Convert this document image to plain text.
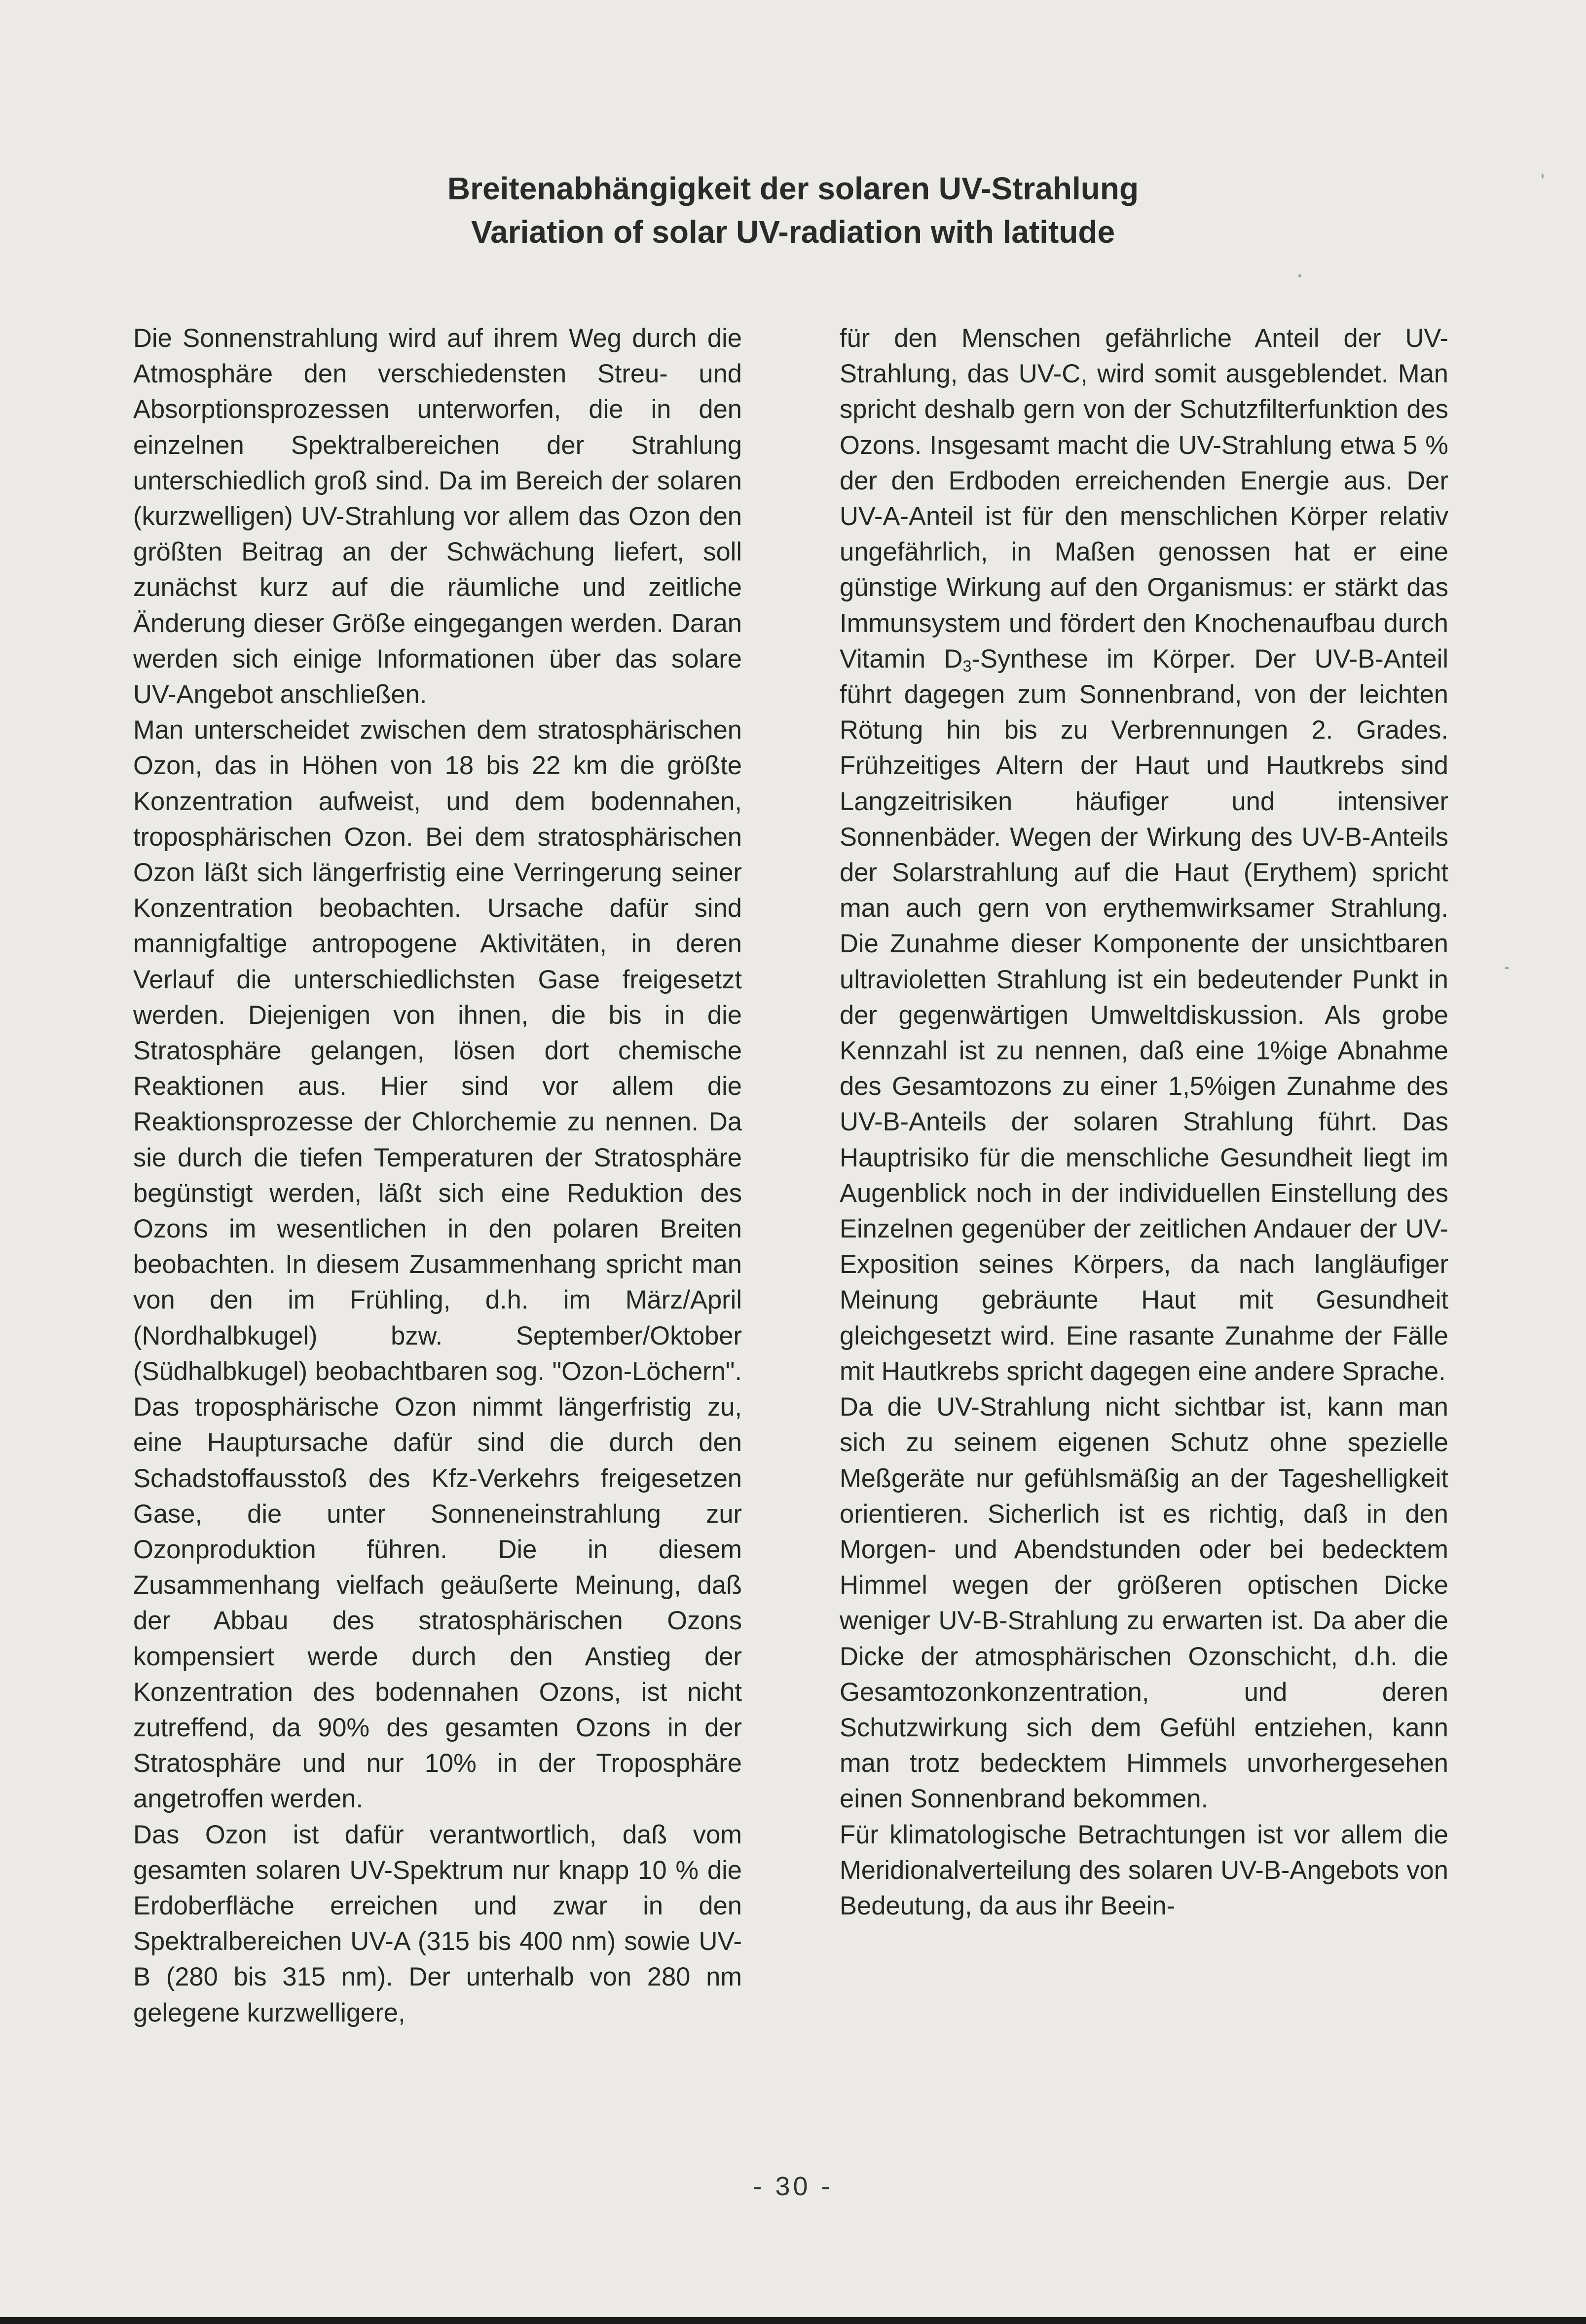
Breitenabhängigkeit der solaren UV-Strahlung
Variation of solar UV-radiation with latitude

Die Sonnenstrahlung wird auf ihrem Weg durch die Atmosphäre den verschiedensten Streu- und Absorptionsprozessen unterworfen, die in den einzelnen Spektralbereichen der Strahlung unterschiedlich groß sind. Da im Bereich der solaren (kurzwelligen) UV-Strahlung vor allem das Ozon den größten Beitrag an der Schwächung liefert, soll zunächst kurz auf die räumliche und zeitliche Änderung dieser Größe eingegangen werden. Daran werden sich einige Informationen über das solare UV-Angebot anschließen.

Man unterscheidet zwischen dem stratosphärischen Ozon, das in Höhen von 18 bis 22 km die größte Konzentration aufweist, und dem bodennahen, troposphärischen Ozon. Bei dem stratosphärischen Ozon läßt sich längerfristig eine Verringerung seiner Konzentration beobachten. Ursache dafür sind mannigfaltige antropogene Aktivitäten, in deren Verlauf die unterschiedlichsten Gase freigesetzt werden. Diejenigen von ihnen, die bis in die Stratosphäre gelangen, lösen dort chemische Reaktionen aus. Hier sind vor allem die Reaktionsprozesse der Chlorchemie zu nennen. Da sie durch die tiefen Temperaturen der Stratosphäre begünstigt werden, läßt sich eine Reduktion des Ozons im wesentlichen in den polaren Breiten beobachten. In diesem Zusammenhang spricht man von den im Frühling, d.h. im März/April (Nordhalbkugel) bzw. September/Oktober (Südhalbkugel) beobachtbaren sog. "Ozon-Löchern". Das troposphärische Ozon nimmt längerfristig zu, eine Hauptursache dafür sind die durch den Schadstoffausstoß des Kfz-Verkehrs freigesetzen Gase, die unter Sonneneinstrahlung zur Ozonproduktion führen. Die in diesem Zusammenhang vielfach geäußerte Meinung, daß der Abbau des stratosphärischen Ozons kompensiert werde durch den Anstieg der Konzentration des bodennahen Ozons, ist nicht zutreffend, da 90% des gesamten Ozons in der Stratosphäre und nur 10% in der Troposphäre angetroffen werden.

Das Ozon ist dafür verantwortlich, daß vom gesamten solaren UV-Spektrum nur knapp 10 % die Erdoberfläche erreichen und zwar in den Spektralbereichen UV-A (315 bis 400 nm) sowie UV-B (280 bis 315 nm). Der unterhalb von 280 nm gelegene kurzwelligere,

für den Menschen gefährliche Anteil der UV-Strahlung, das UV-C, wird somit ausgeblendet. Man spricht deshalb gern von der Schutzfilterfunktion des Ozons. Insgesamt macht die UV-Strahlung etwa 5 % der den Erdboden erreichenden Energie aus. Der UV-A-Anteil ist für den menschlichen Körper relativ ungefährlich, in Maßen genossen hat er eine günstige Wirkung auf den Organismus: er stärkt das Immunsystem und fördert den Knochenaufbau durch Vitamin $D_3$-Synthese im Körper. Der UV-B-Anteil führt dagegen zum Sonnenbrand, von der leichten Rötung hin bis zu Verbrennungen 2. Grades. Frühzeitiges Altern der Haut und Hautkrebs sind Langzeitrisiken häufiger und intensiver Sonnenbäder. Wegen der Wirkung des UV-B-Anteils der Solarstrahlung auf die Haut (Erythem) spricht man auch gern von erythemwirksamer Strahlung. Die Zunahme dieser Komponente der unsichtbaren ultravioletten Strahlung ist ein bedeutender Punkt in der gegenwärtigen Umweltdiskussion. Als grobe Kennzahl ist zu nennen, daß eine 1%ige Abnahme des Gesamtozons zu einer 1,5%igen Zunahme des UV-B-Anteils der solaren Strahlung führt. Das Hauptrisiko für die menschliche Gesundheit liegt im Augenblick noch in der individuellen Einstellung des Einzelnen gegenüber der zeitlichen Andauer der UV-Exposition seines Körpers, da nach langläufiger Meinung gebräunte Haut mit Gesundheit gleichgesetzt wird. Eine rasante Zunahme der Fälle mit Hautkrebs spricht dagegen eine andere Sprache.

Da die UV-Strahlung nicht sichtbar ist, kann man sich zu seinem eigenen Schutz ohne spezielle Meßgeräte nur gefühlsmäßig an der Tageshelligkeit orientieren. Sicherlich ist es richtig, daß in den Morgen- und Abendstunden oder bei bedecktem Himmel wegen der größeren optischen Dicke weniger UV-B-Strahlung zu erwarten ist. Da aber die Dicke der atmosphärischen Ozonschicht, d.h. die Gesamtozonkonzentration, und deren Schutzwirkung sich dem Gefühl entziehen, kann man trotz bedecktem Himmels unvorhergesehen einen Sonnenbrand bekommen.

Für klimatologische Betrachtungen ist vor allem die Meridionalverteilung des solaren UV-B-Angebots von Bedeutung, da aus ihr Beein-

- 30 -
